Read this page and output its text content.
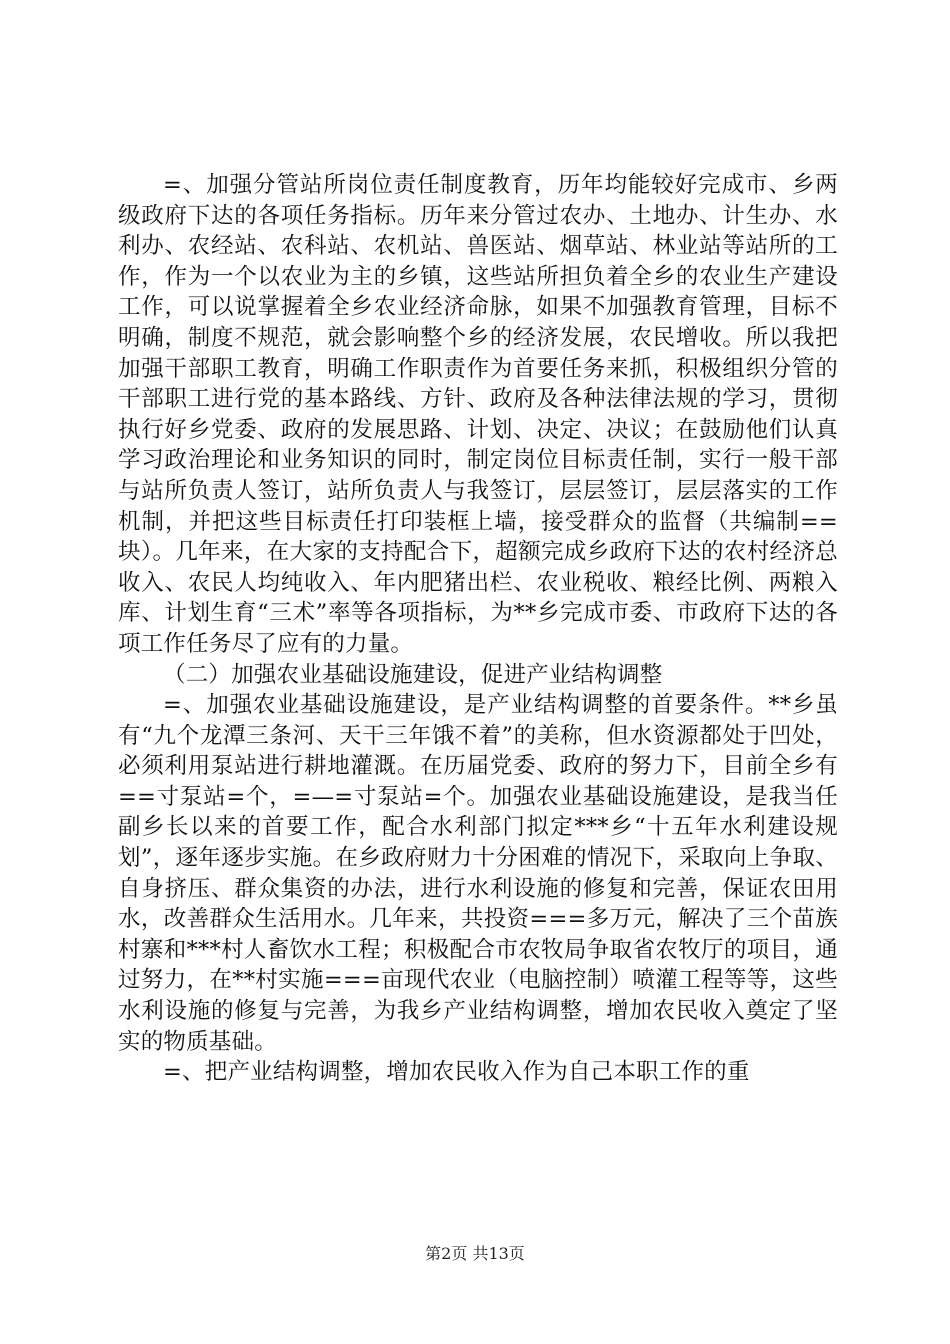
=、加强分管站所岗位责任制度教育，历年均能较好完成市、乡两级政府下达的各项任务指标。历年来分管过农办、土地办、计生办、水利办、农经站、农科站、农机站、兽医站、烟草站、林业站等站所的工作，作为一个以农业为主的乡镇，这些站所担负着全乡的农业生产建设工作，可以说掌握着全乡农业经济命脉，如果不加强教育管理，目标不明确，制度不规范，就会影响整个乡的经济发展，农民增收。所以我把加强干部职工教育，明确工作职责作为首要任务来抓，积极组织分管的干部职工进行党的基本路线、方针、政府及各种法律法规的学习，贯彻执行好乡党委、政府的发展思路、计划、决定、决议；在鼓励他们认真学习政治理论和业务知识的同时，制定岗位目标责任制，实行一般干部与站所负责人签订，站所负责人与我签订，层层签订，层层落实的工作机制，并把这些目标责任打印装框上墙，接受群众的监督（共编制==块）。几年来，在大家的支持配合下，超额完成乡政府下达的农村经济总收入、农民人均纯收入、年内肥猪出栏、农业税收、粮经比例、两粮入库、计划生育“三术”率等各项指标，为**乡完成市委、市政府下达的各项工作任务尽了应有的力量。

（二）加强农业基础设施建设，促进产业结构调整

=、加强农业基础设施建设，是产业结构调整的首要条件。**乡虽有“九个龙潭三条河、天干三年饿不着”的美称，但水资源都处于凹处，必须利用泵站进行耕地灌溉。在历届党委、政府的努力下，目前全乡有==寸泵站=个，=—=寸泵站=个。加强农业基础设施建设，是我当任副乡长以来的首要工作，配合水利部门拟定***乡“十五年水利建设规划”，逐年逐步实施。在乡政府财力十分困难的情况下，采取向上争取、自身挤压、群众集资的办法，进行水利设施的修复和完善，保证农田用水，改善群众生活用水。几年来，共投资===多万元，解决了三个苗族村寨和***村人畜饮水工程；积极配合市农牧局争取省农牧厅的项目，通过努力，在**村实施===亩现代农业（电脑控制）喷灌工程等等，这些水利设施的修复与完善，为我乡产业结构调整，增加农民收入奠定了坚实的物质基础。

=、把产业结构调整，增加农民收入作为自己本职工作的重

第2页 共13页
